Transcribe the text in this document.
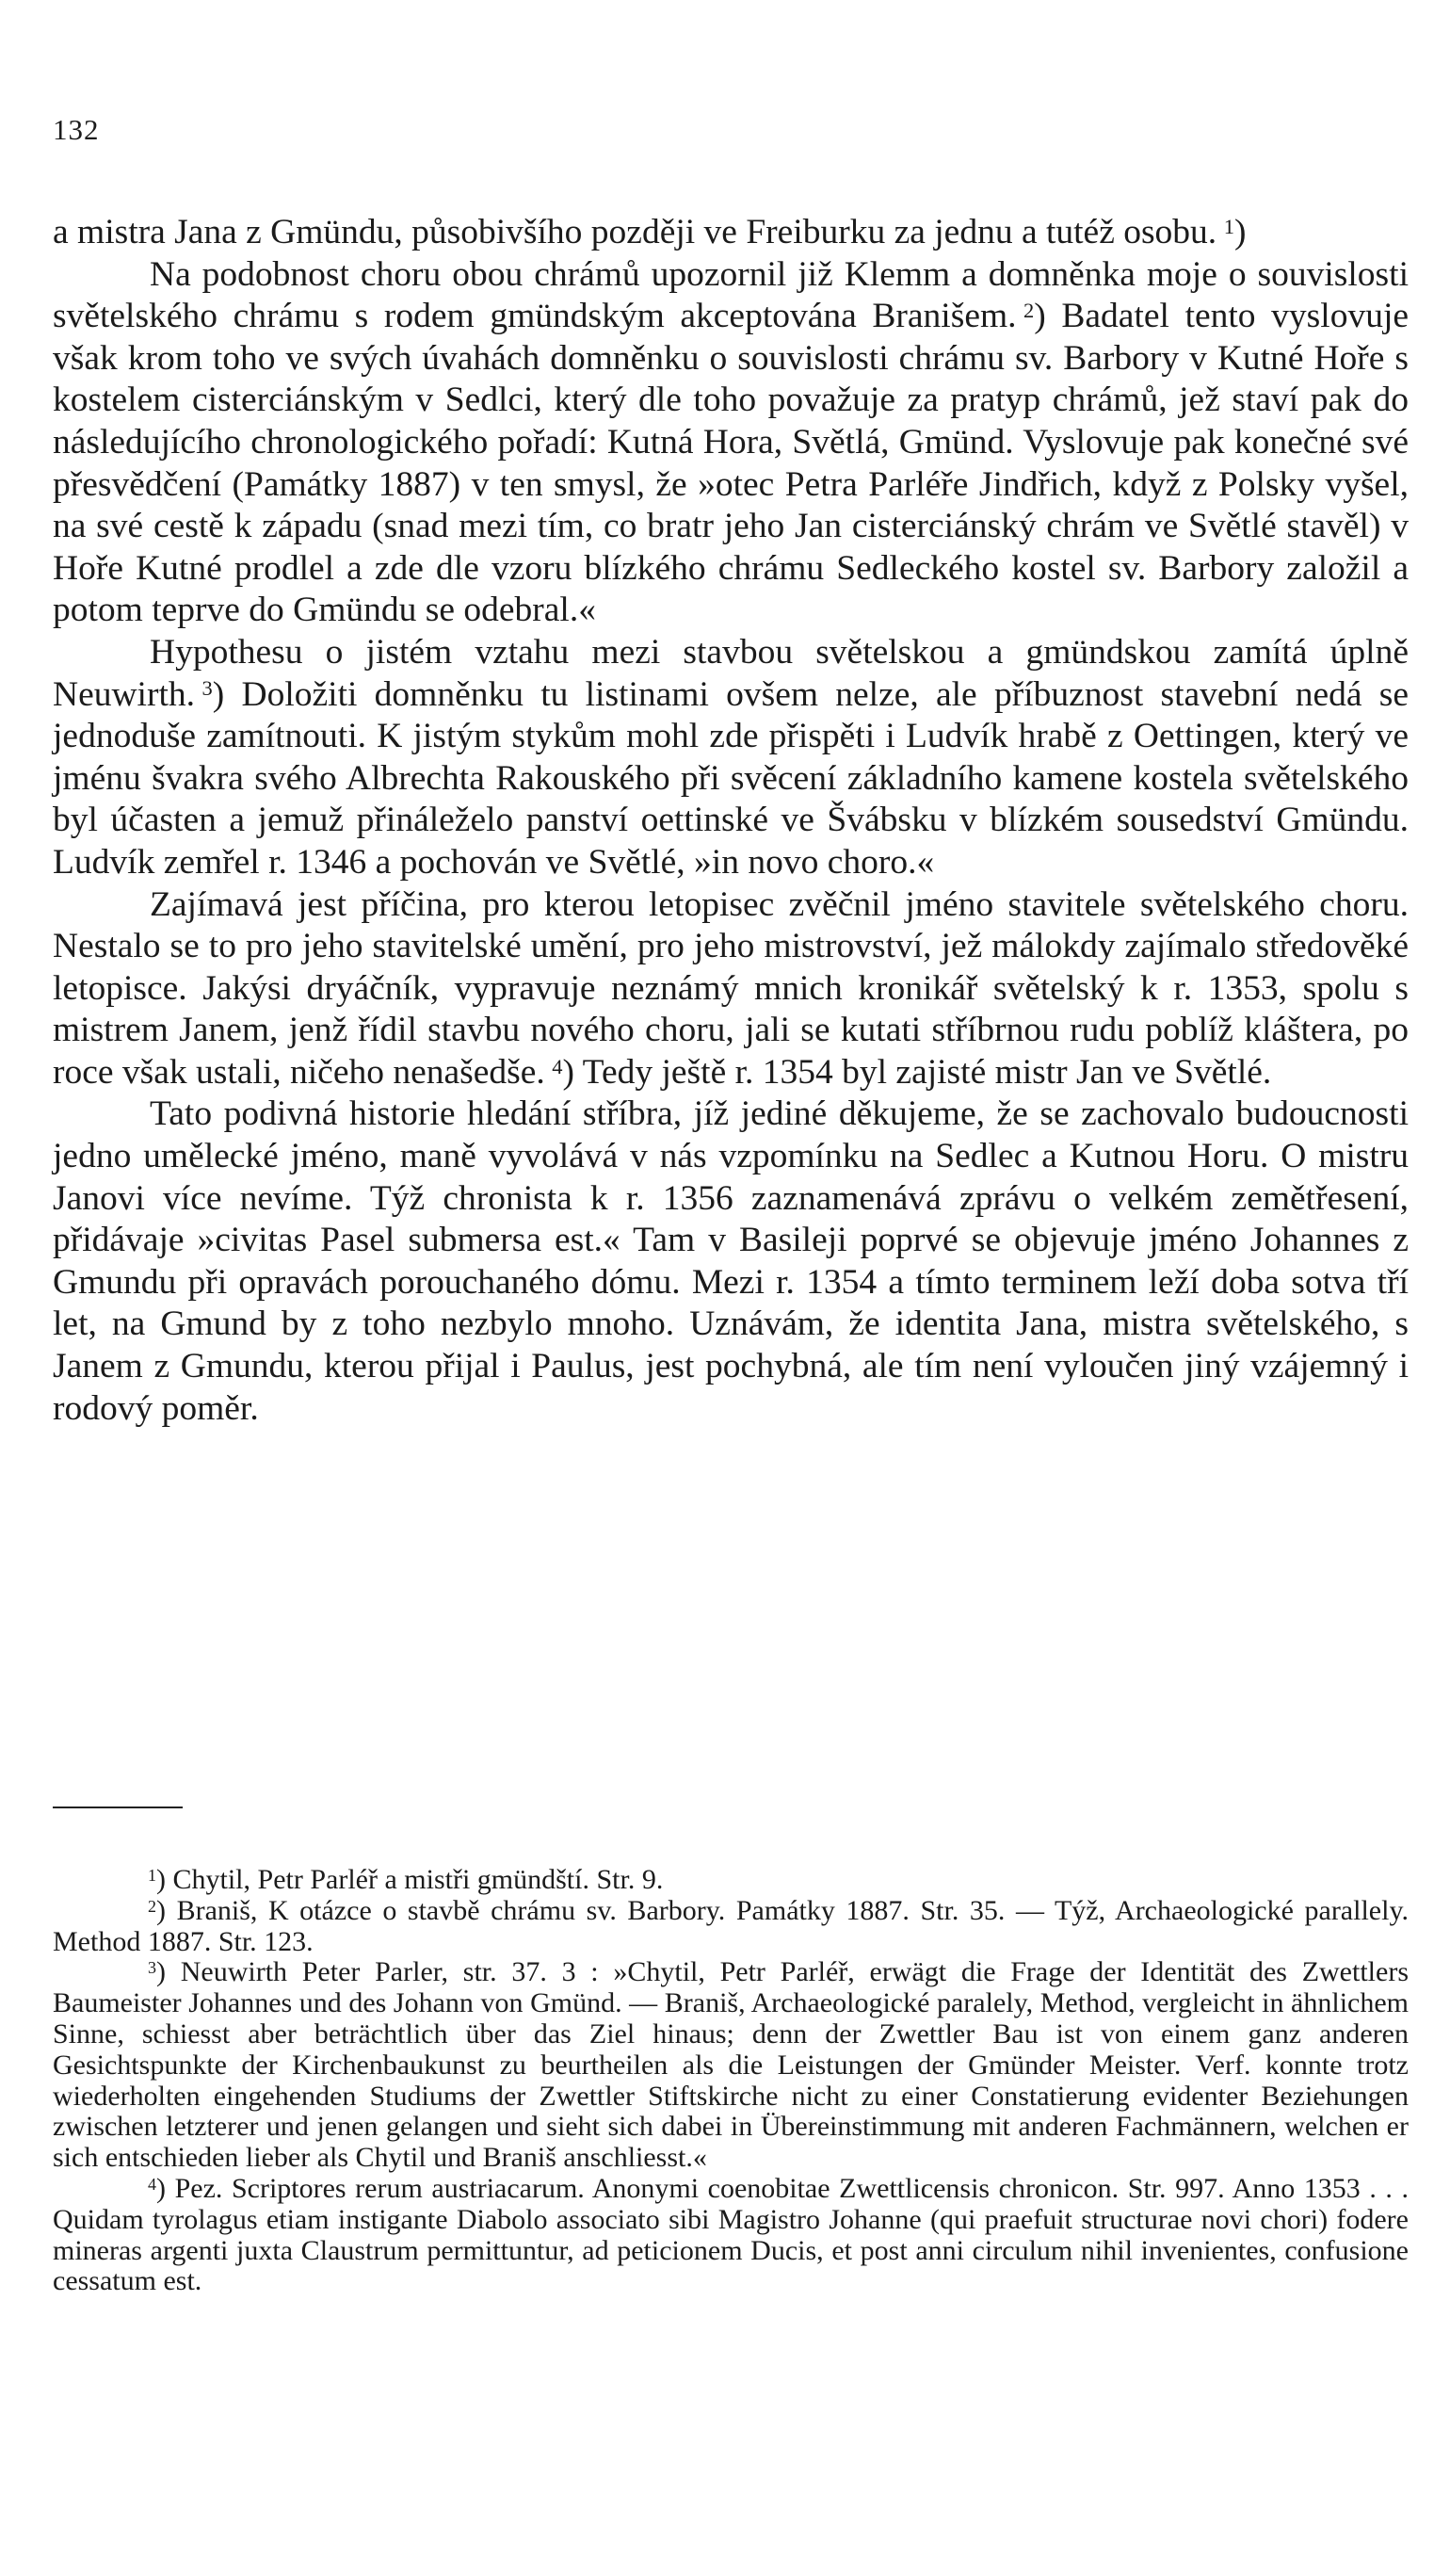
132

a mistra Jana z Gmündu, působivšího později ve Freiburku za jednu a tutéž osobu.  $^1$)

Na podobnost choru obou chrámů upozornil již Klemm a domněnka moje o souvislosti světelského chrámu s rodem gmündským akceptována Branišem.  $^2$) Badatel tento vyslovuje však krom toho ve svých úvahách domněnku o souvislosti chrámu sv. Barbory v Kutné Hoře s kostelem cisterciánským v Sedlci, který dle toho považuje za pratyp chrámů, jež staví pak do následujícího chronologického pořadí: Kutná Hora, Světlá, Gmünd. Vyslovuje pak konečné své přesvědčení (Památky 1887) v ten smysl, že »otec Petra Parléře Jindřich, když z Polsky vyšel, na své cestě k západu (snad mezi tím, co bratr jeho Jan cisterciánský chrám ve Světlé stavěl) v Hoře Kutné prodlel a zde dle vzoru blízkého chrámu Sedleckého kostel sv. Barbory založil a potom teprve do Gmündu se odebral.«

Hypothesu o jistém vztahu mezi stavbou světelskou a gmündskou zamítá úplně Neuwirth.  $^3$) Doložiti domněnku tu listinami ovšem nelze, ale příbuznost stavební nedá se jednoduše zamítnouti. K jistým stykům mohl zde přispěti i Ludvík hrabě z Oettingen, který ve jménu švakra svého Albrechta Rakouského při svěcení základního kamene kostela světelského byl účasten a jemuž přináleželo panství oettinské ve Švábsku v blízkém sousedství Gmündu. Ludvík zemřel r. 1346 a pochován ve Světlé, »in novo choro.«

Zajímavá jest příčina, pro kterou letopisec zvěčnil jméno stavitele světelského choru. Nestalo se to pro jeho stavitelské umění, pro jeho mistrovství, jež málokdy zajímalo středověké letopisce. Jakýsi dryáčník, vypravuje neznámý mnich kronikář světelský k r. 1353, spolu s mistrem Janem, jenž řídil stavbu nového choru, jali se kutati stříbrnou rudu poblíž kláštera, po roce však ustali, ničeho nenašedše.  $^4$) Tedy ještě r. 1354 byl zajisté mistr Jan ve Světlé.

Tato podivná historie hledání stříbra, jíž jediné děkujeme, že se zachovalo budoucnosti jedno umělecké jméno, maně vyvolává v nás vzpomínku na Sedlec a Kutnou Horu. O mistru Janovi více nevíme. Týž chronista k r. 1356 zaznamenává zprávu o velkém zemětřesení, přidávaje »civitas Pasel submersa est.« Tam v Basileji poprvé se objevuje jméno Johannes z Gmundu při opravách porouchaného dómu. Mezi r. 1354 a tímto terminem leží doba sotva tří let, na Gmund by z toho nezbylo mnoho. Uznávám, že identita Jana, mistra světelského, s Janem z Gmundu, kterou přijal i Paulus, jest pochybná, ale tím není vyloučen jiný vzájemný i rodový poměr.

$^1$) Chytil, Petr Parléř a mistři gmündští. Str. 9.

$^2$) Braniš, K otázce o stavbě chrámu sv. Barbory. Památky 1887. Str. 35. — Týž, Archaeologické parallely. Method 1887. Str. 123.

$^3$) Neuwirth Peter Parler, str. 37. 3 : »Chytil, Petr Parléř, erwägt die Frage der Identität des Zwettlers Baumeister Johannes und des Johann von Gmünd. — Braniš, Archaeologické paralely, Method, vergleicht in ähnlichem Sinne, schiesst aber beträchtlich über das Ziel hinaus; denn der Zwettler Bau ist von einem ganz anderen Gesichtspunkte der Kirchenbaukunst zu beurtheilen als die Leistungen der Gmünder Meister. Verf. konnte trotz wiederholten eingehenden Studiums der Zwettler Stiftskirche nicht zu einer Constatierung evidenter Beziehungen zwischen letzterer und jenen gelangen und sieht sich dabei in Übereinstimmung mit anderen Fachmännern, welchen er sich entschieden lieber als Chytil und Braniš anschliesst.«

$^4$) Pez. Scriptores rerum austriacarum. Anonymi coenobitae Zwettlicensis chronicon. Str. 997. Anno 1353 . . . Quidam tyrolagus etiam instigante Diabolo associato sibi Magistro Johanne (qui praefuit structurae novi chori) fodere mineras argenti juxta Claustrum permittuntur, ad peticionem Ducis, et post anni circulum nihil invenientes, confusione cessatum est.
